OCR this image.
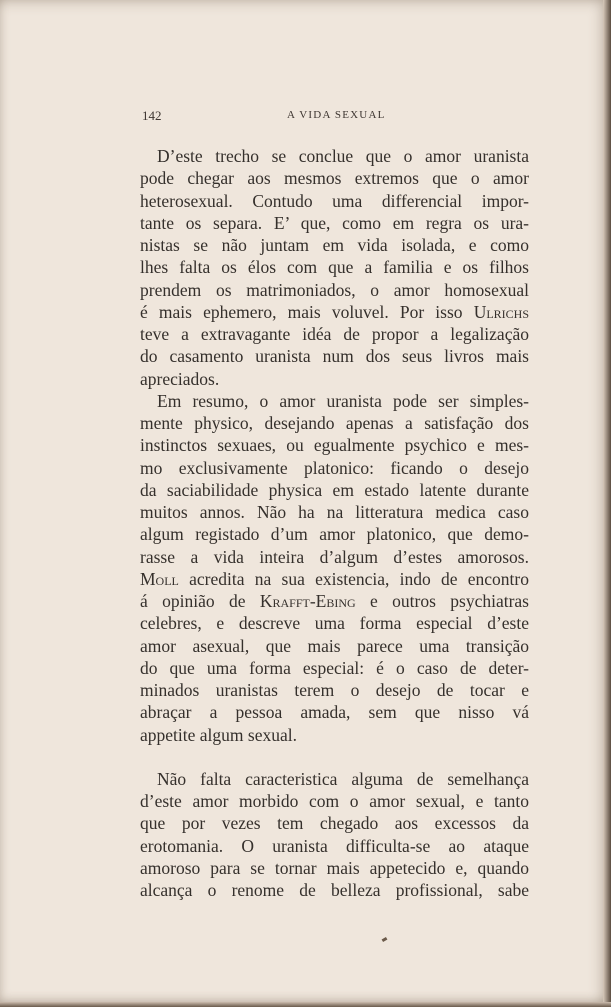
142	A VIDA SEXUAL

D’este trecho se conclue que o amor uranista

pode chegar aos mesmos extremos que o amor

heterosexual. Contudo uma differencial impor-

tante os separa. E’ que, como em regra os ura-

nistas se não juntam em vida isolada, e como

lhes falta os élos com que a familia e os filhos

prendem os matrimoniados, o amor homosexual

é mais ephemero, mais voluvel. Por isso Ulrichs

teve a extravagante idéa de propor a legalização

do casamento uranista num dos seus livros mais

apreciados.

Em resumo, o amor uranista pode ser simples-

mente physico, desejando apenas a satisfação dos

instinctos sexuaes, ou egualmente psychico e mes-

mo exclusivamente platonico: ficando o desejo

da saciabilidade physica em estado latente durante

muitos annos. Não ha na litteratura medica caso

algum registado d’um amor platonico, que demo-

rasse a vida inteira d’algum d’estes amorosos.

Moll acredita na sua existencia, indo de encontro

á opinião de Krafft-Ebing e outros psychiatras

celebres, e descreve uma forma especial d’este

amor asexual, que mais parece uma transição

do que uma forma especial: é o caso de deter-

minados uranistas terem o desejo de tocar e

abraçar a pessoa amada, sem que nisso vá

appetite algum sexual.

Não falta caracteristica alguma de semelhança

d’este amor morbido com o amor sexual, e tanto

que por vezes tem chegado aos excessos da

erotomania. O uranista difficulta-se ao ataque

amoroso para se tornar mais appetecido e, quando

alcança o renome de belleza profissional, sabe
